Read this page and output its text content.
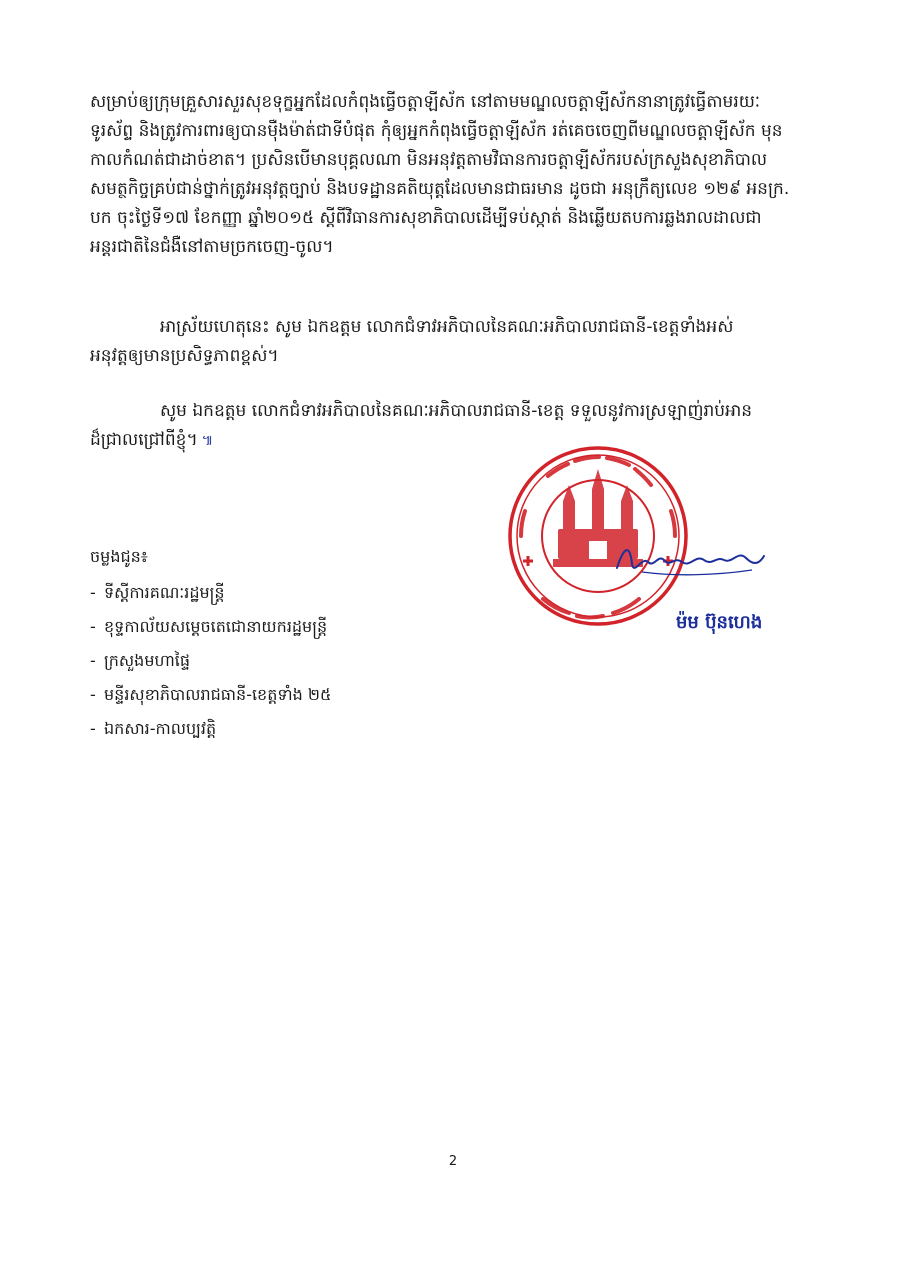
សម្រាប់ឲ្យក្រុមគ្រួសារសួរសុខទុក្ខអ្នកដែលកំពុងធ្វើចត្តាឡីស័ក នៅតាមមណ្ឌលចត្តាឡីស័កនានាត្រូវធ្វើតាមរយៈ
ទូរស័ព្ទ និងត្រូវការពារឲ្យបានម៉ឺងម៉ាត់ជាទីបំផុត កុំឲ្យអ្នកកំពុងធ្វើចត្តាឡីស័ក រត់គេចចេញពីមណ្ឌលចត្តាឡីស័ក មុន
កាលកំណត់ជាដាច់ខាត។ ប្រសិនបើមានបុគ្គលណា មិនអនុវត្តតាមវិធានការចត្តាឡីស័ករបស់ក្រសួងសុខាភិបាល
សមត្ថកិច្ចគ្រប់ជាន់ថ្នាក់ត្រូវអនុវត្តច្បាប់ និងបទដ្ឋានគតិយុត្តដែលមានជាធរមាន ដូចជា អនុក្រឹត្យលេខ ១២៩ អនក្រ.
បក ចុះថ្ងៃទី១៧ ខែកញ្ញា ឆ្នាំ២០១៥ ស្តីពីវិធានការសុខាភិបាលដើម្បីទប់ស្កាត់ និងឆ្លើយតបការឆ្លងរាលដាលជា
អន្តរជាតិនៃជំងឺនៅតាមច្រកចេញ-ចូល។

អាស្រ័យហេតុនេះ សូម ឯកឧត្តម លោកជំទាវអភិបាលនៃគណៈអភិបាលរាជធានី-ខេត្តទាំងអស់
អនុវត្តឲ្យមានប្រសិទ្ធភាពខ្ពស់។

សូម ឯកឧត្តម លោកជំទាវអភិបាលនៃគណៈអភិបាលរាជធានី-ខេត្ត ទទួលនូវការស្រឡាញ់រាប់អាន
ដ៏ជ្រាលជ្រៅពីខ្ញុំ។ ៕

ម៉ម ប៊ុនហេង

ចម្លងជូន៖

- ទីស្តីការគណៈរដ្ឋមន្ត្រី
- ខុទ្ទកាល័យសម្តេចតេជោនាយករដ្ឋមន្ត្រី
- ក្រសួងមហាផ្ទៃ
- មន្ទីរសុខាភិបាលរាជធានី-ខេត្តទាំង ២៥
- ឯកសារ-កាលប្បវត្តិ
2
